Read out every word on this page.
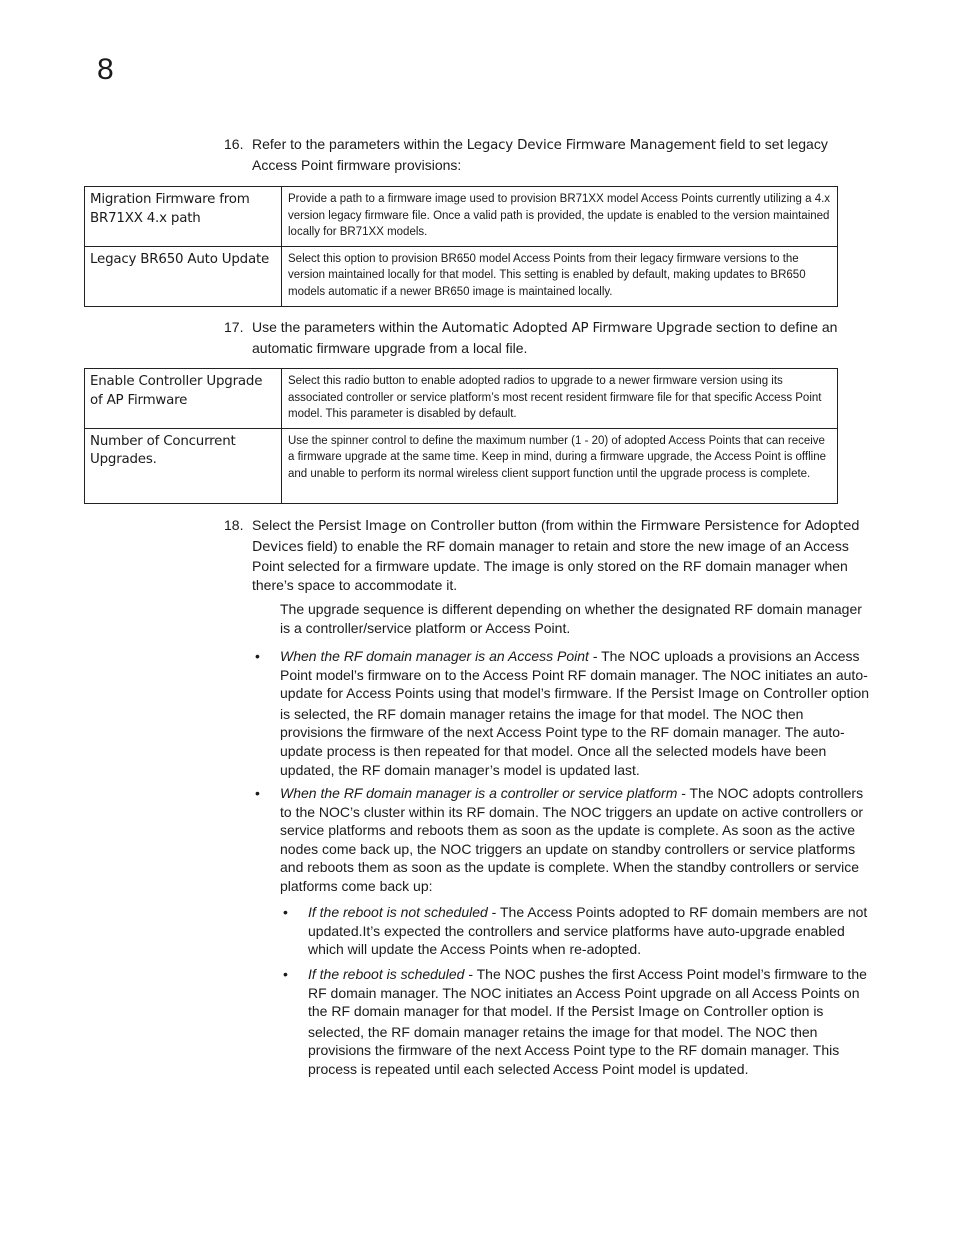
8
16. Refer to the parameters within the Legacy Device Firmware Management field to set legacy Access Point firmware provisions:
Migration Firmware from BR71XX 4.x path	Provide a path to a firmware image used to provision BR71XX model Access Points currently utilizing a 4.x version legacy firmware file. Once a valid path is provided, the update is enabled to the version maintained locally for BR71XX models.
Legacy BR650 Auto Update	Select this option to provision BR650 model Access Points from their legacy firmware versions to the version maintained locally for that model. This setting is enabled by default, making updates to BR650 models automatic if a newer BR650 image is maintained locally.
17. Use the parameters within the Automatic Adopted AP Firmware Upgrade section to define an automatic firmware upgrade from a local file.
Enable Controller Upgrade of AP Firmware	Select this radio button to enable adopted radios to upgrade to a newer firmware version using its associated controller or service platform’s most recent resident firmware file for that specific Access Point model. This parameter is disabled by default.
Number of Concurrent Upgrades.	Use the spinner control to define the maximum number (1 - 20) of adopted Access Points that can receive a firmware upgrade at the same time. Keep in mind, during a firmware upgrade, the Access Point is offline and unable to perform its normal wireless client support function until the upgrade process is complete.
18. Select the Persist Image on Controller button (from within the Firmware Persistence for Adopted Devices field) to enable the RF domain manager to retain and store the new image of an Access Point selected for a firmware update. The image is only stored on the RF domain manager when there’s space to accommodate it.
The upgrade sequence is different depending on whether the designated RF domain manager is a controller/service platform or Access Point.
• When the RF domain manager is an Access Point - The NOC uploads a provisions an Access Point model’s firmware on to the Access Point RF domain manager. The NOC initiates an auto-update for Access Points using that model’s firmware. If the Persist Image on Controller option is selected, the RF domain manager retains the image for that model. The NOC then provisions the firmware of the next Access Point type to the RF domain manager. The auto-update process is then repeated for that model. Once all the selected models have been updated, the RF domain manager’s model is updated last.
• When the RF domain manager is a controller or service platform - The NOC adopts controllers to the NOC’s cluster within its RF domain. The NOC triggers an update on active controllers or service platforms and reboots them as soon as the update is complete. As soon as the active nodes come back up, the NOC triggers an update on standby controllers or service platforms and reboots them as soon as the update is complete. When the standby controllers or service platforms come back up:
• If the reboot is not scheduled - The Access Points adopted to RF domain members are not updated.It’s expected the controllers and service platforms have auto-upgrade enabled which will update the Access Points when re-adopted.
• If the reboot is scheduled - The NOC pushes the first Access Point model’s firmware to the RF domain manager. The NOC initiates an Access Point upgrade on all Access Points on the RF domain manager for that model. If the Persist Image on Controller option is selected, the RF domain manager retains the image for that model. The NOC then provisions the firmware of the next Access Point type to the RF domain manager. This process is repeated until each selected Access Point model is updated.
